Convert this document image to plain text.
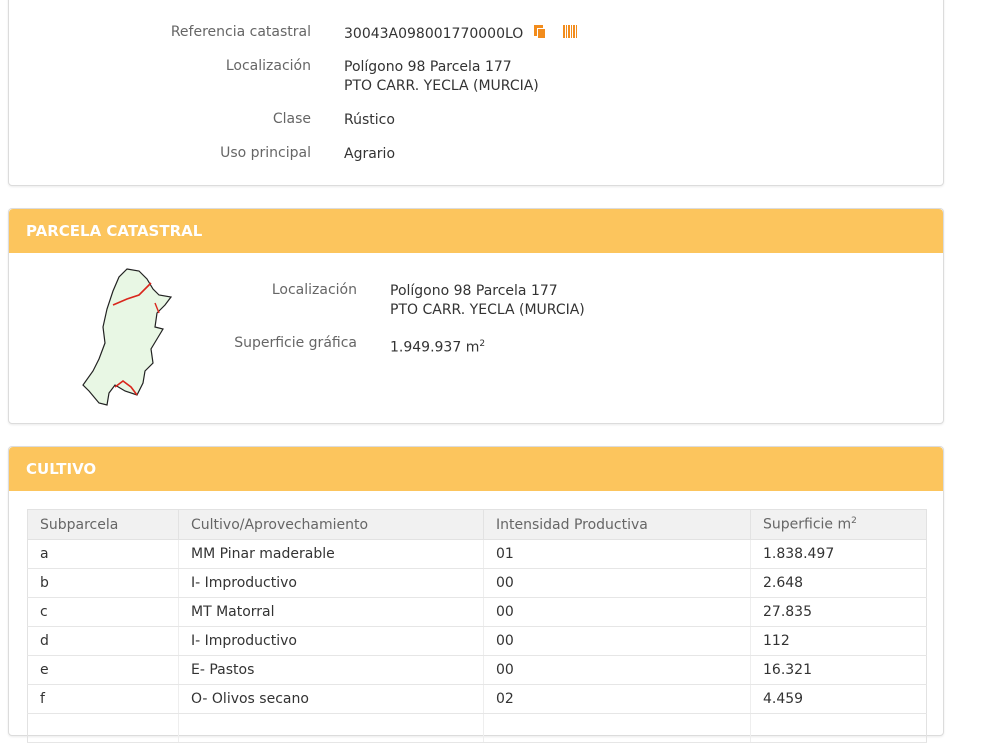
Referencia catastral 30043A098001770000LO
Localización Polígono 98 Parcela 177
PTO CARR. YECLA (MURCIA)
Clase Rústico
Uso principal Agrario
PARCELA CATASTRAL
Localización Polígono 98 Parcela 177
PTO CARR. YECLA (MURCIA)
Superficie gráfica 1.949.937 $m^2$
CULTIVO
Subparcela	Cultivo/Aprovechamiento	Intensidad Productiva	Superficie $m^2$
a	MM Pinar maderable	01	1.838.497
b	I- Improductivo	00	2.648
c	MT Matorral	00	27.835
d	I- Improductivo	00	112
e	E- Pastos	00	16.321
f	O- Olivos secano	02	4.459
